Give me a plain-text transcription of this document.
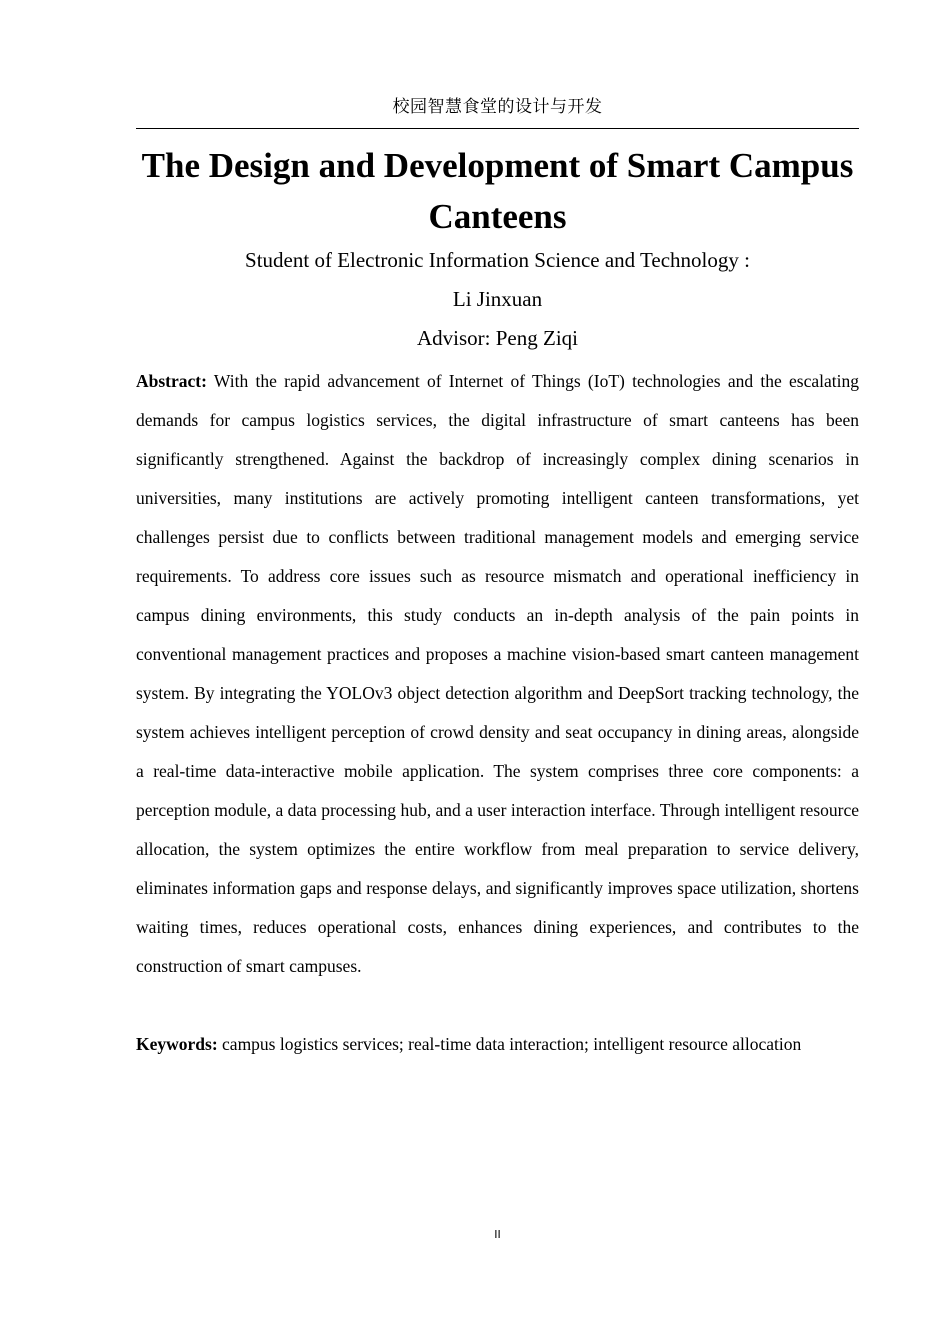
校园智慧食堂的设计与开发
The Design and Development of Smart Campus Canteens
Student of Electronic Information Science and Technology :
Li Jinxuan
Advisor: Peng Ziqi

Abstract: With the rapid advancement of Internet of Things (IoT) technologies and the escalating demands for campus logistics services, the digital infrastructure of smart canteens has been significantly strengthened. Against the backdrop of increasingly complex dining scenarios in universities, many institutions are actively promoting intelligent canteen transformations, yet challenges persist due to conflicts between traditional management models and emerging service requirements. To address core issues such as resource mismatch and operational inefficiency in campus dining environments, this study conducts an in-depth analysis of the pain points in conventional management practices and proposes a machine vision-based smart canteen management system. By integrating the YOLOv3 object detection algorithm and DeepSort tracking technology, the system achieves intelligent perception of crowd density and seat occupancy in dining areas, alongside a real-time data-interactive mobile application. The system comprises three core components: a perception module, a data processing hub, and a user interaction interface. Through intelligent resource allocation, the system optimizes the entire workflow from meal preparation to service delivery, eliminates information gaps and response delays, and significantly improves space utilization, shortens waiting times, reduces operational costs, enhances dining experiences, and contributes to the construction of smart campuses.

Keywords: campus logistics services; real-time data interaction; intelligent resource allocation

II
